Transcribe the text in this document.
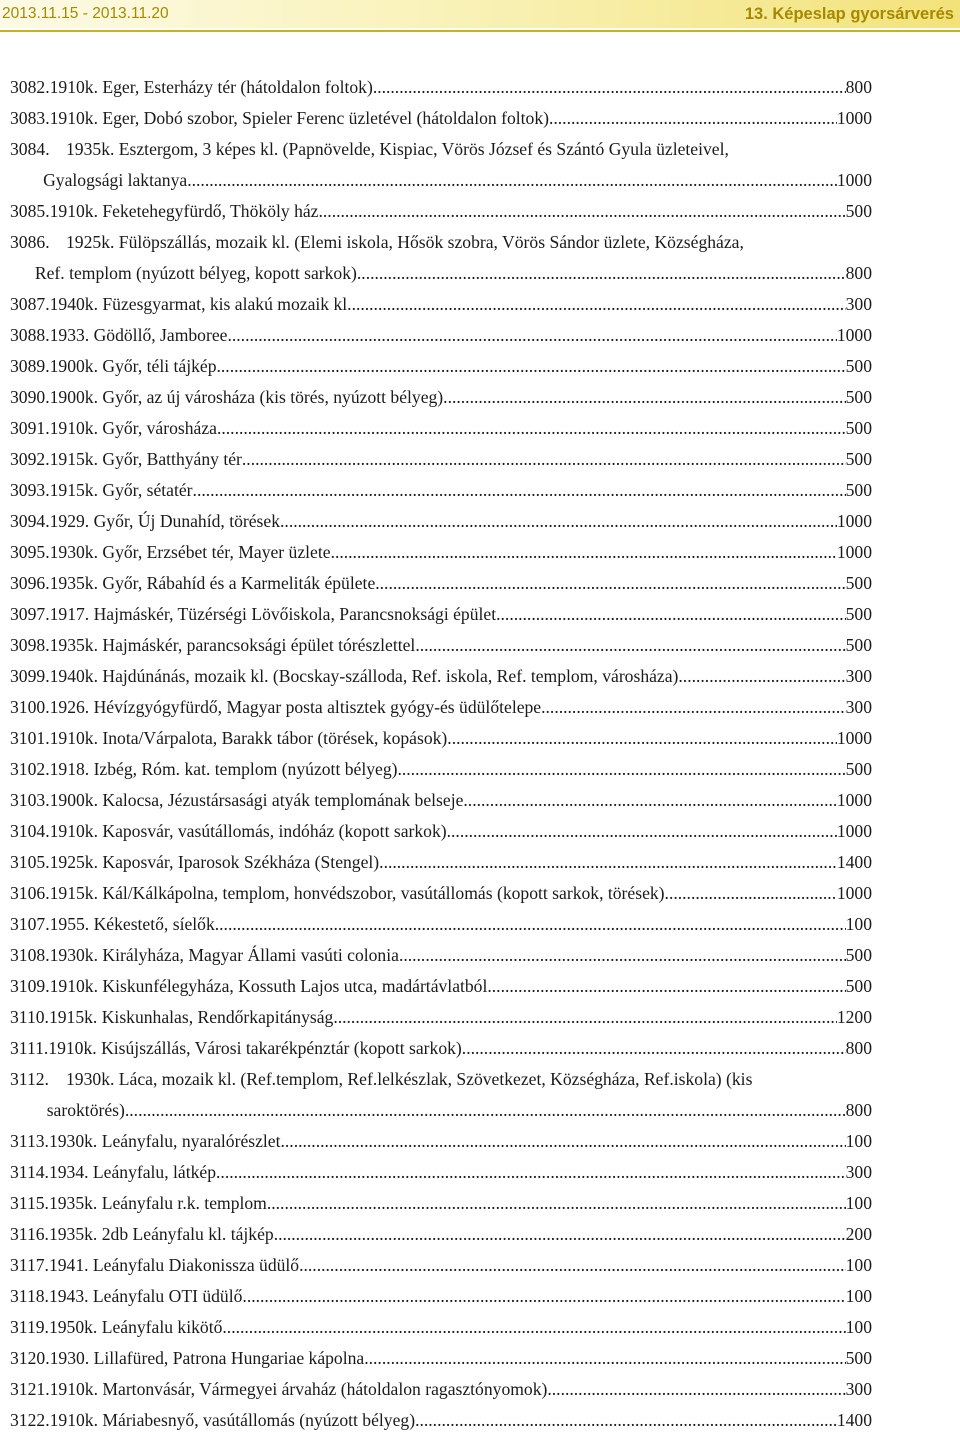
2013.11.15 - 2013.11.20	13. Képeslap gyorsárverés
3082. 1910k. Eger, Esterházy tér (hátoldalon foltok) .....	800
3083. 1910k. Eger, Dobó szobor, Spieler Ferenc üzletével (hátoldalon foltok) .....	1000
3084. 1935k. Esztergom, 3 képes kl. (Papnövelde, Kispiac, Vörös József és Szántó Gyula üzleteivel,
Gyalogsági laktanya .....	1000
3085. 1910k. Feketehegyfürdő, Thököly ház .....	500
3086. 1925k. Fülöpszállás, mozaik kl. (Elemi iskola, Hősök szobra, Vörös Sándor üzlete, Községháza,
Ref. templom (nyúzott bélyeg, kopott sarkok) .....	800
3087. 1940k. Füzesgyarmat, kis alakú mozaik kl. .....	300
3088. 1933. Gödöllő, Jamboree .....	1000
3089. 1900k. Győr, téli tájkép .....	500
3090. 1900k. Győr, az új városháza (kis törés, nyúzott bélyeg) .....	500
3091. 1910k. Győr, városháza .....	500
3092. 1915k. Győr, Batthyány tér .....	500
3093. 1915k. Győr, sétatér .....	500
3094. 1929. Győr, Új Dunahíd, törések .....	1000
3095. 1930k. Győr, Erzsébet tér, Mayer üzlete .....	1000
3096. 1935k. Győr, Rábahíd és a Karmeliták épülete .....	500
3097. 1917. Hajmáskér, Tüzérségi Lövőiskola, Parancsnoksági épület .....	500
3098. 1935k. Hajmáskér, parancsoksági épület tórészlettel .....	500
3099. 1940k. Hajdúnánás, mozaik kl. (Bocskay-szálloda, Ref. iskola, Ref. templom, városháza) .....	300
3100. 1926. Hévízgyógyfürdő, Magyar posta altisztek gyógy-és üdülőtelepe .....	300
3101. 1910k. Inota/Várpalota, Barakk tábor (törések, kopások) .....	1000
3102. 1918. Izbég, Róm. kat. templom (nyúzott bélyeg) .....	500
3103. 1900k. Kalocsa, Jézustársasági atyák templomának belseje .....	1000
3104. 1910k. Kaposvár, vasútállomás, indóház (kopott sarkok) .....	1000
3105. 1925k. Kaposvár, Iparosok Székháza (Stengel) .....	1400
3106. 1915k. Kál/Kálkápolna, templom, honvédszobor, vasútállomás (kopott sarkok, törések) .....	1000
3107. 1955. Kékestető, síelők .....	100
3108. 1930k. Királyháza, Magyar Állami vasúti colonia .....	500
3109. 1910k. Kiskunfélegyháza, Kossuth Lajos utca, madártávlatból .....	500
3110. 1915k. Kiskunhalas, Rendőrkapitányság .....	1200
3111. 1910k. Kisújszállás, Városi takarékpénztár (kopott sarkok) .....	800
3112. 1930k. Láca, mozaik kl. (Ref.templom, Ref.lelkészlak, Szövetkezet, Községháza, Ref.iskola) (kis
saroktörés) .....	800
3113. 1930k. Leányfalu, nyaralórészlet .....	100
3114. 1934. Leányfalu, látkép .....	300
3115. 1935k. Leányfalu r.k. templom .....	100
3116. 1935k. 2db Leányfalu kl. tájkép .....	200
3117. 1941. Leányfalu Diakonissza üdülő .....	100
3118. 1943. Leányfalu OTI üdülő .....	100
3119. 1950k. Leányfalu kikötő .....	100
3120. 1930. Lillafüred, Patrona Hungariae kápolna .....	500
3121. 1910k. Martonvásár, Vármegyei árvaház (hátoldalon ragasztónyomok) .....	300
3122. 1910k. Máriabesnyő, vasútállomás (nyúzott bélyeg) .....	1400
